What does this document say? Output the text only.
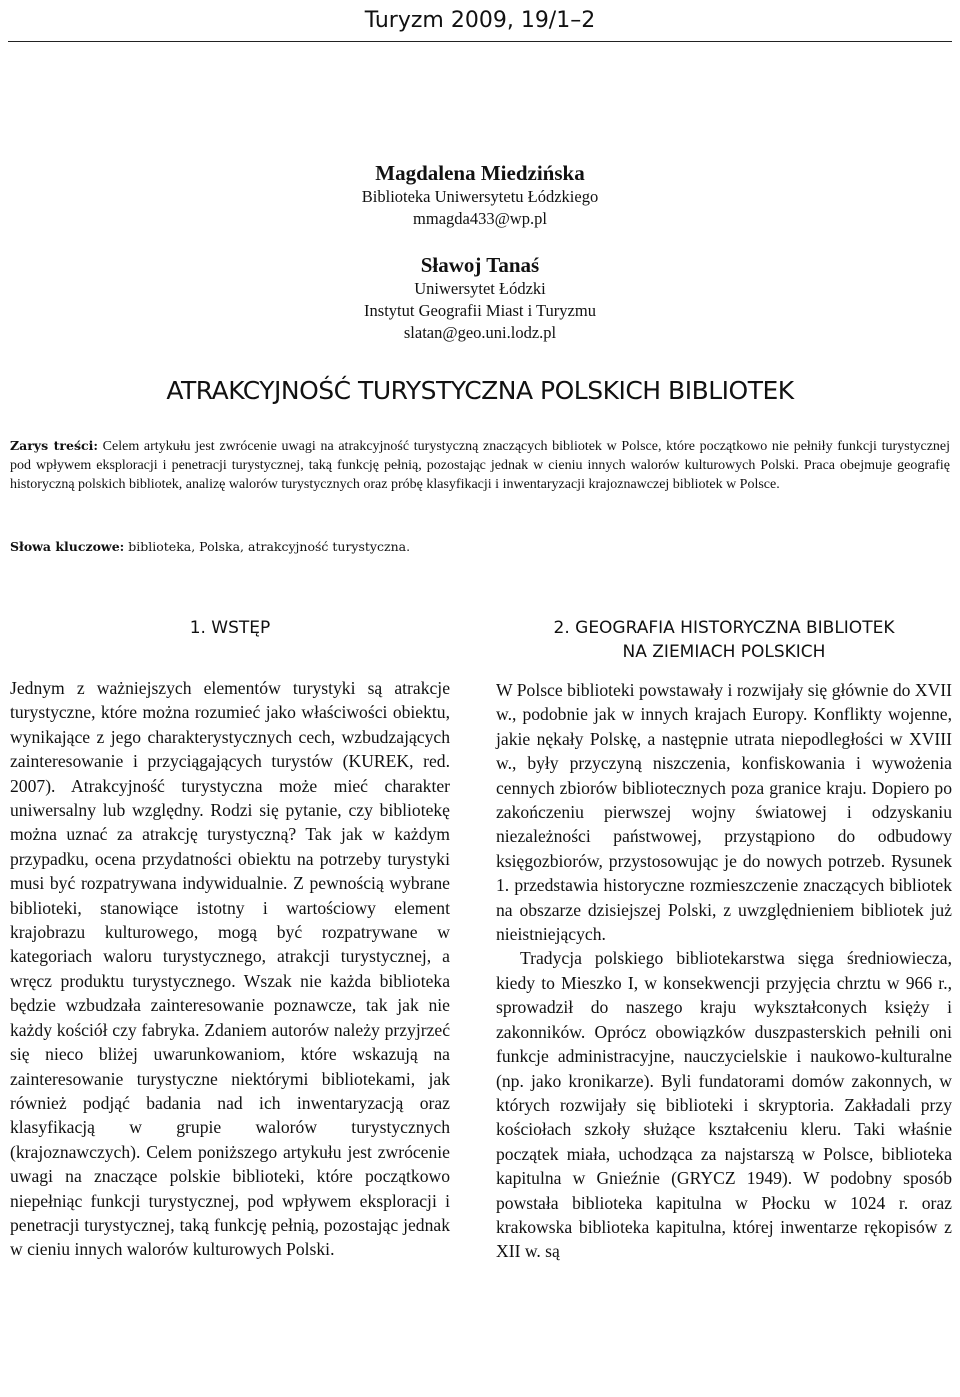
Turyzm 2009, 19/1–2
Magdalena Miedzińska
Biblioteka Uniwersytetu Łódzkiego
mmagda433@wp.pl
Sławoj Tanaś
Uniwersytet Łódzki
Instytut Geografii Miast i Turyzmu
slatan@geo.uni.lodz.pl
ATRAKCYJNOŚĆ TURYSTYCZNA POLSKICH BIBLIOTEK
Zarys treści: Celem artykułu jest zwrócenie uwagi na atrakcyjność turystyczną znaczących bibliotek w Polsce, które początkowo nie pełniły funkcji turystycznej pod wpływem eksploracji i penetracji turystycznej, taką funkcję pełnią, pozostając jednak w cieniu innych walorów kulturowych Polski. Praca obejmuje geografię historyczną polskich bibliotek, analizę walorów turystycznych oraz próbę klasyfikacji i inwentaryzacji krajoznawczej bibliotek w Polsce.
Słowa kluczowe: biblioteka, Polska, atrakcyjność turystyczna.
1. WSTĘP

Jednym z ważniejszych elementów turystyki są atrakcje turystyczne, które można rozumieć jako właściwości obiektu, wynikające z jego charakterystycznych cech, wzbudzających zainteresowanie i przyciągających turystów (KUREK, red. 2007). Atrakcyjność turystyczna może mieć charakter uniwersalny lub względny. Rodzi się pytanie, czy bibliotekę można uznać za atrakcję turystyczną? Tak jak w każdym przypadku, ocena przydatności obiektu na potrzeby turystyki musi być rozpatrywana indywidualnie. Z pewnością wybrane biblioteki, stanowiące istotny i wartościowy element krajobrazu kulturowego, mogą być rozpatrywane w kategoriach waloru turystycznego, atrakcji turystycznej, a wręcz produktu turystycznego. Wszak nie każda biblioteka będzie wzbudzała zainteresowanie poznawcze, tak jak nie każdy kościół czy fabryka. Zdaniem autorów należy przyjrzeć się nieco bliżej uwarunkowaniom, które wskazują na zainteresowanie turystyczne niektórymi bibliotekami, jak również podjąć badania nad ich inwentaryzacją oraz klasyfikacją w grupie walorów turystycznych (krajoznawczych). Celem poniższego artykułu jest zwrócenie uwagi na znaczące polskie biblioteki, które początkowo niepełniąc funkcji turystycznej, pod wpływem eksploracji i penetracji turystycznej, taką funkcję pełnią, pozostając jednak w cieniu innych walorów kulturowych Polski.

2. GEOGRAFIA HISTORYCZNA BIBLIOTEK
NA ZIEMIACH POLSKICH

W Polsce biblioteki powstawały i rozwijały się głównie do XVII w., podobnie jak w innych krajach Europy. Konflikty wojenne, jakie nękały Polskę, a następnie utrata niepodległości w XVIII w., były przyczyną niszczenia, konfiskowania i wywożenia cennych zbiorów bibliotecznych poza granice kraju. Dopiero po zakończeniu pierwszej wojny światowej i odzyskaniu niezależności państwowej, przystąpiono do odbudowy księgozbiorów, przystosowując je do nowych potrzeb. Rysunek 1. przedstawia historyczne rozmieszczenie znaczących bibliotek na obszarze dzisiejszej Polski, z uwzględnieniem bibliotek już nieistniejących.

Tradycja polskiego bibliotekarstwa sięga średniowiecza, kiedy to Mieszko I, w konsekwencji przyjęcia chrztu w 966 r., sprowadził do naszego kraju wykształconych księży i zakonników. Oprócz obowiązków duszpasterskich pełnili oni funkcje administracyjne, nauczycielskie i naukowo-kulturalne (np. jako kronikarze). Byli fundatorami domów zakonnych, w których rozwijały się biblioteki i skryptoria. Zakładali przy kościołach szkoły służące kształceniu kleru. Taki właśnie początek miała, uchodząca za najstarszą w Polsce, biblioteka kapitulna w Gnieźnie (GRYCZ 1949). W podobny sposób powstała biblioteka kapitulna w Płocku w 1024 r. oraz krakowska biblioteka kapitulna, której inwentarze rękopisów z XII w. są
